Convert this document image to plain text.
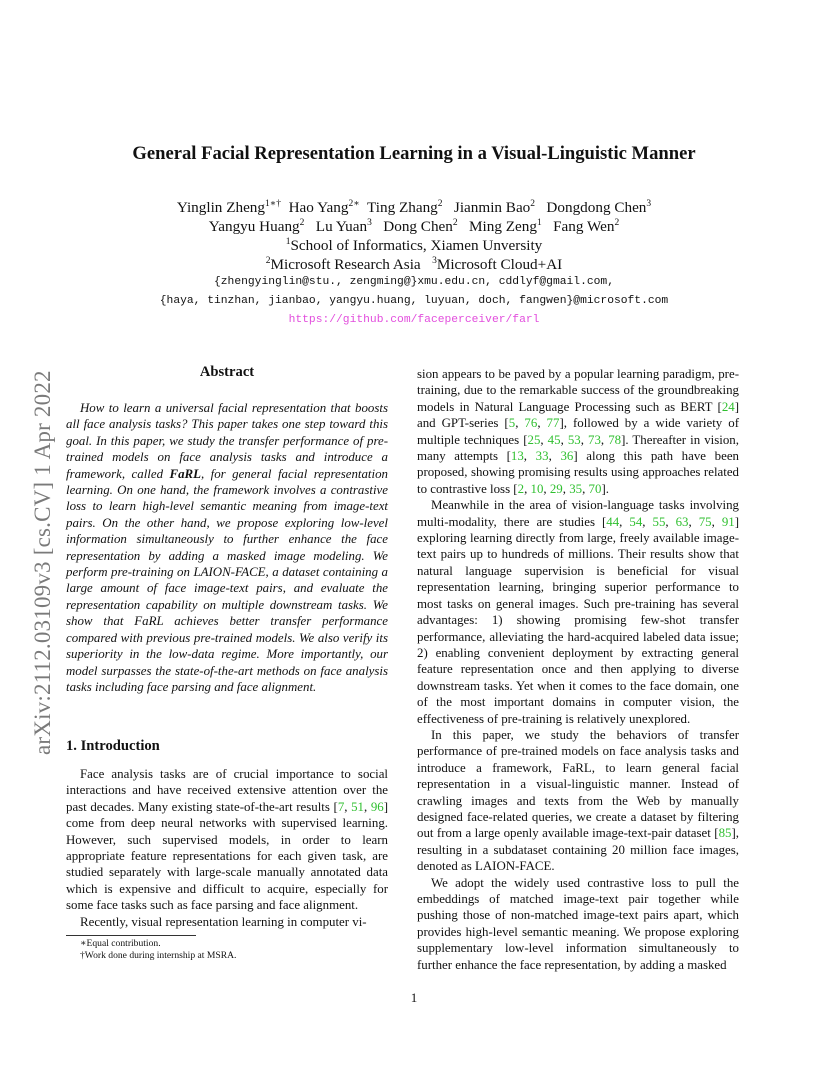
arXiv:2112.03109v3 [cs.CV] 1 Apr 2022
General Facial Representation Learning in a Visual-Linguistic Manner
Yinglin Zheng$^{1∗\dagger}$ Hao Yang$^{2∗}$ Ting Zhang$^2$ Jianmin Bao$^2$ Dongdong Chen$^3$
Yangyu Huang$^2$ Lu Yuan$^3$ Dong Chen$^2$ Ming Zeng$^1$ Fang Wen$^2$
$^1$School of Informatics, Xiamen Unversity
$^2$Microsoft Research Asia $^3$Microsoft Cloud+AI
{zhengyinglin@stu., zengming@}xmu.edu.cn, cddlyf@gmail.com,
{haya, tinzhan, jianbao, yangyu.huang, luyuan, doch, fangwen}@microsoft.com
https://github.com/faceperceiver/farl
Abstract
How to learn a universal facial representation that boosts all face analysis tasks? This paper takes one step toward this goal. In this paper, we study the transfer performance of pre-trained models on face analysis tasks and introduce a framework, called FaRL, for general facial representation learning. On one hand, the framework involves a contrastive loss to learn high-level semantic meaning from image-text pairs. On the other hand, we propose exploring low-level information simultaneously to further enhance the face representation by adding a masked image modeling. We perform pre-training on LAION-FACE, a dataset containing a large amount of face image-text pairs, and evaluate the representation capability on multiple downstream tasks. We show that FaRL achieves better transfer performance compared with previous pre-trained models. We also verify its superiority in the low-data regime. More importantly, our model surpasses the state-of-the-art methods on face analysis tasks including face parsing and face alignment.
1. Introduction

Face analysis tasks are of crucial importance to social interactions and have received extensive attention over the past decades. Many existing state-of-the-art results [7, 51, 96] come from deep neural networks with supervised learning. However, such supervised models, in order to learn appropriate feature representations for each given task, are studied separately with large-scale manually annotated data which is expensive and difficult to acquire, especially for some face tasks such as face parsing and face alignment.

Recently, visual representation learning in computer vi-

∗Equal contribution.
†Work done during internship at MSRA.

sion appears to be paved by a popular learning paradigm, pre-training, due to the remarkable success of the groundbreaking models in Natural Language Processing such as BERT [24] and GPT-series [5, 76, 77], followed by a wide variety of multiple techniques [25, 45, 53, 73, 78]. Thereafter in vision, many attempts [13, 33, 36] along this path have been proposed, showing promising results using approaches related to contrastive loss [2, 10, 29, 35, 70].

Meanwhile in the area of vision-language tasks involving multi-modality, there are studies [44, 54, 55, 63, 75, 91] exploring learning directly from large, freely available image-text pairs up to hundreds of millions. Their results show that natural language supervision is beneficial for visual representation learning, bringing superior performance to most tasks on general images. Such pre-training has several advantages: 1) showing promising few-shot transfer performance, alleviating the hard-acquired labeled data issue; 2) enabling convenient deployment by extracting general feature representation once and then applying to diverse downstream tasks. Yet when it comes to the face domain, one of the most important domains in computer vision, the effectiveness of pre-training is relatively unexplored.

In this paper, we study the behaviors of transfer performance of pre-trained models on face analysis tasks and introduce a framework, FaRL, to learn general facial representation in a visual-linguistic manner. Instead of crawling images and texts from the Web by manually designed face-related queries, we create a dataset by filtering out from a large openly available image-text-pair dataset [85], resulting in a subdataset containing 20 million face images, denoted as LAION-FACE.

We adopt the widely used contrastive loss to pull the embeddings of matched image-text pair together while pushing those of non-matched image-text pairs apart, which provides high-level semantic meaning. We propose exploring supplementary low-level information simultaneously to further enhance the face representation, by adding a masked

1
